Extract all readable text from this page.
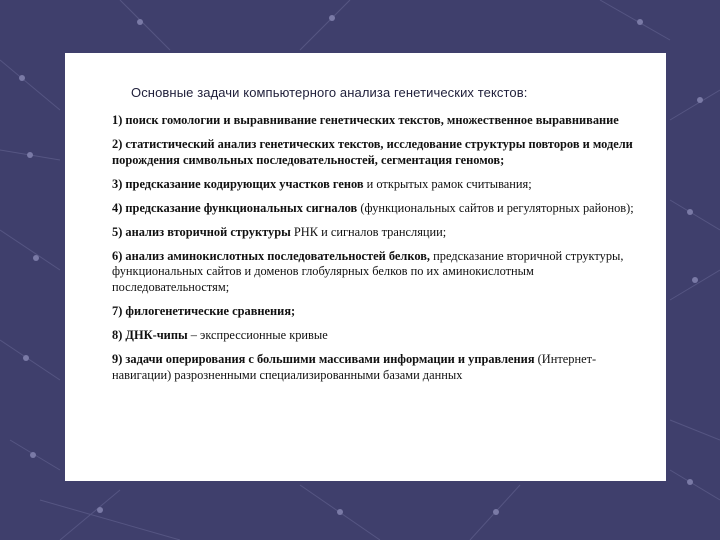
Основные задачи компьютерного анализа генетических текстов:
1) поиск гомологии и выравнивание генетических текстов, множественное выравнивание
2) статистический анализ генетических текстов, исследование структуры повторов и модели порождения символьных последовательностей, сегментация геномов;
3) предсказание кодирующих участков генов и открытых рамок считывания;
4) предсказание функциональных сигналов (функциональных сайтов и регуляторных районов);
5) анализ вторичной структуры РНК и сигналов трансляции;
6) анализ аминокислотных последовательностей белков, предсказание вторичной структуры, функциональных сайтов и доменов глобулярных белков по их аминокислотным последовательностям;
7) филогенетические сравнения;
8) ДНК-чипы – экспрессионные кривые
9) задачи оперирования с большими массивами информации и управления (Интернет-навигации) разрозненными специализированными базами данных
